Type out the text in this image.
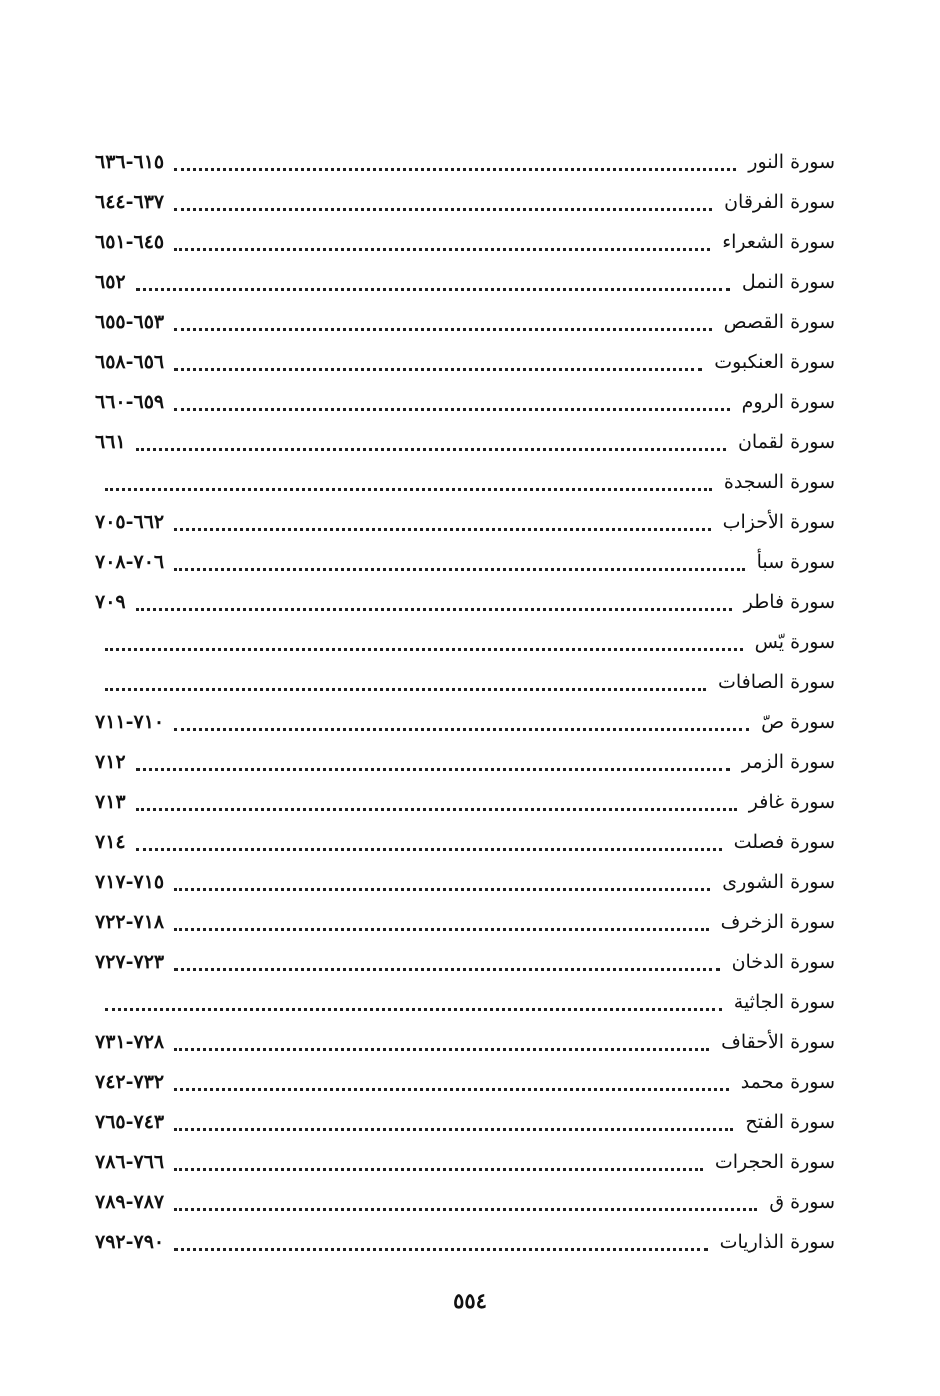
سورة النور
٦١٥-٦٣٦
سورة الفرقان
٦٣٧-٦٤٤
سورة الشعراء
٦٤٥-٦٥١
سورة النمل
٦٥٢
سورة القصص
٦٥٣-٦٥٥
سورة العنكبوت
٦٥٦-٦٥٨
سورة الروم
٦٥٩-٦٦٠
سورة لقمان
٦٦١
سورة السجدة
سورة الأحزاب
٦٦٢-٧٠٥
سورة سبأ
٧٠٦-٧٠٨
سورة فاطر
٧٠٩
سورة يّس
سورة الصافات
سورة صّ
٧١٠-٧١١
سورة الزمر
٧١٢
سورة غافر
٧١٣
سورة فصلت
٧١٤
سورة الشورى
٧١٥-٧١٧
سورة الزخرف
٧١٨-٧٢٢
سورة الدخان
٧٢٣-٧٢٧
سورة الجاثية
سورة الأحقاف
٧٢٨-٧٣١
سورة محمد
٧٣٢-٧٤٢
سورة الفتح
٧٤٣-٧٦٥
سورة الحجرات
٧٦٦-٧٨٦
سورة ق
٧٨٧-٧٨٩
سورة الذاريات
٧٩٠-٧٩٢
٥٥٤
